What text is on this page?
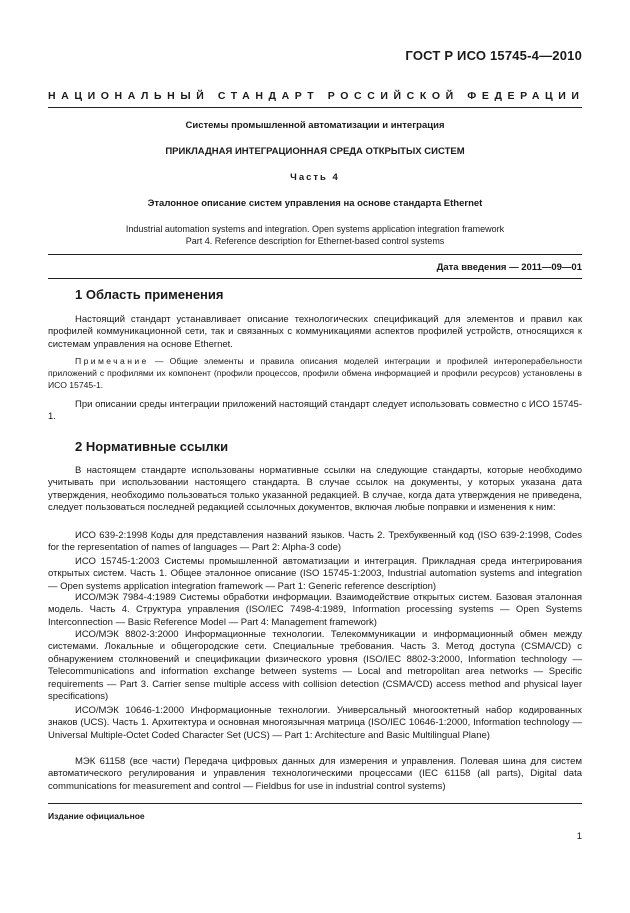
ГОСТ Р ИСО 15745-4—2010
НАЦИОНАЛЬНЫЙ СТАНДАРТ РОССИЙСКОЙ ФЕДЕРАЦИИ
Системы промышленной автоматизации и интеграция
ПРИКЛАДНАЯ ИНТЕГРАЦИОННАЯ СРЕДА ОТКРЫТЫХ СИСТЕМ
Часть 4
Эталонное описание систем управления на основе стандарта Ethernet
Industrial automation systems and integration. Open systems application integration framework
Part 4. Reference description for Ethernet-based control systems
Дата введения — 2011—09—01
1 Область применения

Настоящий стандарт устанавливает описание технологических спецификаций для элементов и правил как профилей коммуникационной сети, так и связанных с коммуникациями аспектов профилей устройств, относящихся к системам управления на основе Ethernet.

Примечание — Общие элементы и правила описания моделей интеграции и профилей интероперабельности приложений с профилями их компонент (профили процессов, профили обмена информацией и профили ресурсов) установлены в ИСО 15745-1.

При описании среды интеграции приложений настоящий стандарт следует использовать совместно с ИСО 15745-1.

2 Нормативные ссылки

В настоящем стандарте использованы нормативные ссылки на следующие стандарты, которые необходимо учитывать при использовании настоящего стандарта. В случае ссылок на документы, у которых указана дата утверждения, необходимо пользоваться только указанной редакцией. В случае, когда дата утверждения не приведена, следует пользоваться последней редакцией ссылочных документов, включая любые поправки и изменения к ним:

ИСО 639-2:1998 Коды для представления названий языков. Часть 2. Трехбуквенный код (ISO 639-2:1998, Codes for the representation of names of languages — Part 2: Alpha-3 code)

ИСО 15745-1:2003 Системы промышленной автоматизации и интеграция. Прикладная среда интегрирования открытых систем. Часть 1. Общее эталонное описание (ISO 15745-1:2003, Industrial automation systems and integration — Open systems application integration framework — Part 1: Generic reference description)

ИСО/МЭК 7984-4:1989 Системы обработки информации. Взаимодействие открытых систем. Базовая эталонная модель. Часть 4. Структура управления (ISO/IEC 7498-4:1989, Information processing systems — Open Systems Interconnection — Basic Reference Model — Part 4: Management framework)

ИСО/МЭК 8802-3:2000 Информационные технологии. Телекоммуникации и информационный обмен между системами. Локальные и общегородские сети. Специальные требования. Часть 3. Метод доступа (CSMA/CD) с обнаружением столкновений и спецификации физического уровня (ISO/IEC 8802-3:2000, Information technology — Telecommunications and information exchange between systems — Local and metropolitan area networks — Specific requirements — Part 3. Carrier sense multiple access with collision detection (CSMA/CD) access method and physical layer specifications)

ИСО/МЭК 10646-1:2000 Информационные технологии. Универсальный многооктетный набор кодированных знаков (UCS). Часть 1. Архитектура и основная многоязычная матрица (ISO/IEC 10646-1:2000, Information technology — Universal Multiple-Octet Coded Character Set (UCS) — Part 1: Architecture and Basic Multilingual Plane)

МЭК 61158 (все части) Передача цифровых данных для измерения и управления. Полевая шина для систем автоматического регулирования и управления технологическими процессами (IEC 61158 (all parts), Digital data communications for measurement and control — Fieldbus for use in industrial control systems)

Издание официальное
1
